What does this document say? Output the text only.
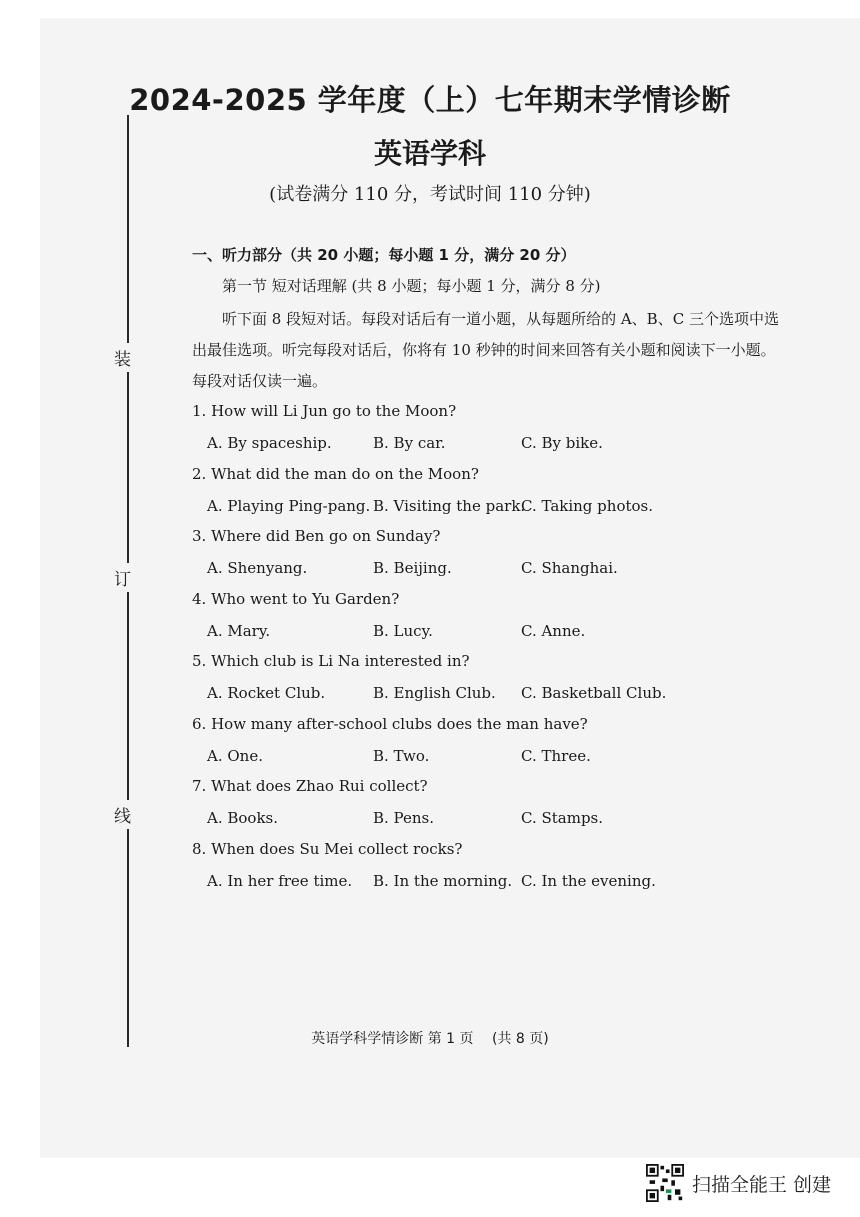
装
订
线
2024-2025 学年度（上）七年期末学情诊断
英语学科
(试卷满分 110 分，考试时间 110 分钟)
一、听力部分（共 20 小题；每小题 1 分，满分 20 分）
第一节 短对话理解 (共 8 小题；每小题 1 分，满分 8 分)
听下面 8 段短对话。每段对话后有一道小题，从每题所给的 A、B、C 三个选项中选出最佳选项。听完每段对话后，你将有 10 秒钟的时间来回答有关小题和阅读下一小题。每段对话仅读一遍。
1. How will Li Jun go to the Moon?
A. By spaceship.	B. By car.	C. By bike.
2. What did the man do on the Moon?
A. Playing Ping-pang. B. Visiting the park.
C. Taking photos.
3. Where did Ben go on Sunday?
A. Shenyang.	B. Beijing.	C. Shanghai.
4. Who went to Yu Garden?
A. Mary.	B. Lucy.	C. Anne.
5. Which club is Li Na interested in?
A. Rocket Club.	B. English Club. C. Basketball Club.
6. How many after-school clubs does the man have?
A. One.	B. Two.	C. Three.
7. What does Zhao Rui collect?
A. Books.	B. Pens.	C. Stamps.
8. When does Su Mei collect rocks?
A. In her free time. B. In the morning. C. In the evening.
英语学科学情诊断 第 1 页 (共 8 页)
扫描全能王 创建
